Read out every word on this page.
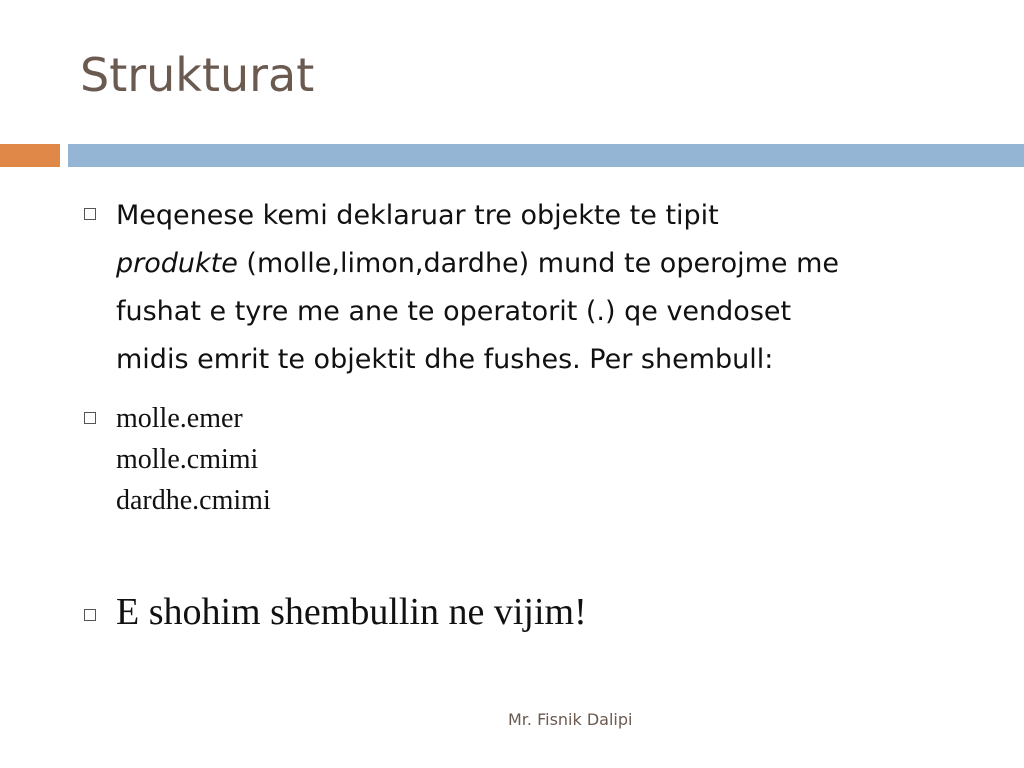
Strukturat
Meqenese kemi deklaruar tre objekte te tipit
produkte (molle,limon,dardhe) mund te operojme me
fushat e tyre me ane te operatorit (.) qe vendoset
midis emrit te objektit dhe fushes. Per shembull:
molle.emer
molle.cmimi
dardhe.cmimi
E shohim shembullin ne vijim!
Mr. Fisnik Dalipi
